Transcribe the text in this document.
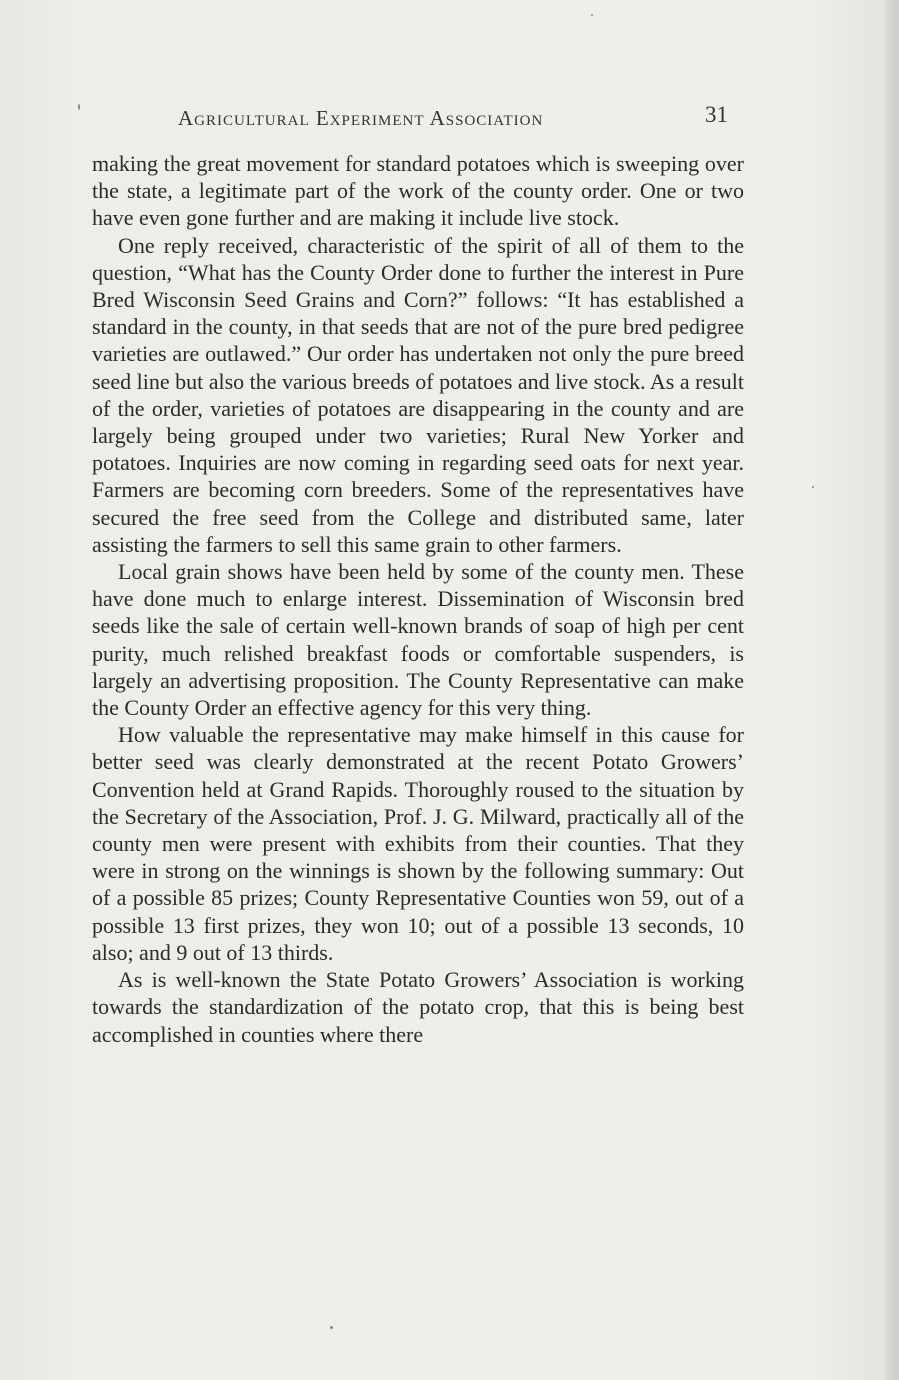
Agricultural Experiment Association	31

making the great movement for standard potatoes which is sweeping over the state, a legitimate part of the work of the county order. One or two have even gone further and are making it include live stock.

One reply received, characteristic of the spirit of all of them to the question, “What has the County Order done to further the interest in Pure Bred Wisconsin Seed Grains and Corn?” follows: “It has established a standard in the county, in that seeds that are not of the pure bred pedigree varieties are outlawed.” Our order has undertaken not only the pure breed seed line but also the various breeds of potatoes and live stock. As a result of the order, varieties of potatoes are disappearing in the county and are largely being grouped under two varieties; Rural New Yorker and potatoes. Inquiries are now coming in regarding seed oats for next year. Farmers are becoming corn breeders. Some of the representatives have secured the free seed from the College and distributed same, later assisting the farmers to sell this same grain to other farmers.

Local grain shows have been held by some of the county men. These have done much to enlarge interest. Dissemination of Wisconsin bred seeds like the sale of certain well-known brands of soap of high per cent purity, much relished breakfast foods or comfortable suspenders, is largely an advertising proposition. The County Representative can make the County Order an effective agency for this very thing.

How valuable the representative may make himself in this cause for better seed was clearly demonstrated at the recent Potato Growers’ Convention held at Grand Rapids. Thoroughly roused to the situation by the Secretary of the Association, Prof. J. G. Milward, practically all of the county men were present with exhibits from their counties. That they were in strong on the winnings is shown by the following summary: Out of a possible 85 prizes; County Representative Counties won 59, out of a possible 13 first prizes, they won 10; out of a possible 13 seconds, 10 also; and 9 out of 13 thirds.

As is well-known the State Potato Growers’ Association is working towards the standardization of the potato crop, that this is being best accomplished in counties where there
